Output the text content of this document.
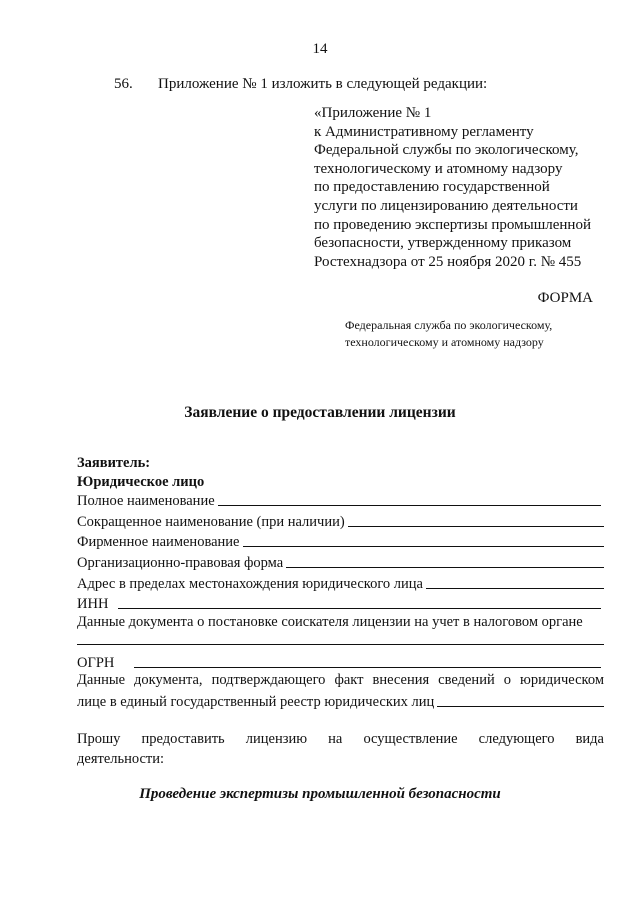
14
56. Приложение № 1 изложить в следующей редакции:
«Приложение № 1
к Административному регламенту
Федеральной службы по экологическому,
технологическому и атомному надзору
по предоставлению государственной
услуги по лицензированию деятельности
по проведению экспертизы промышленной
безопасности, утвержденному приказом
Ростехнадзора от 25 ноября 2020 г. № 455
ФОРМА
Федеральная служба по экологическому,
технологическому и атомному надзору
Заявление о предоставлении лицензии
Заявитель:
Юридическое лицо
Полное наименование
Сокращенное наименование (при наличии)
Фирменное наименование
Организационно-правовая форма
Адрес в пределах местонахождения юридического лица
ИНН
Данные документа о постановке соискателя лицензии на учет в налоговом органе
ОГРН
Данные документа, подтверждающего факт внесения сведений о юридическом
лице в единый государственный реестр юридических лиц
Прошу предоставить лицензию на осуществление следующего вида
деятельности:
Проведение экспертизы промышленной безопасности
